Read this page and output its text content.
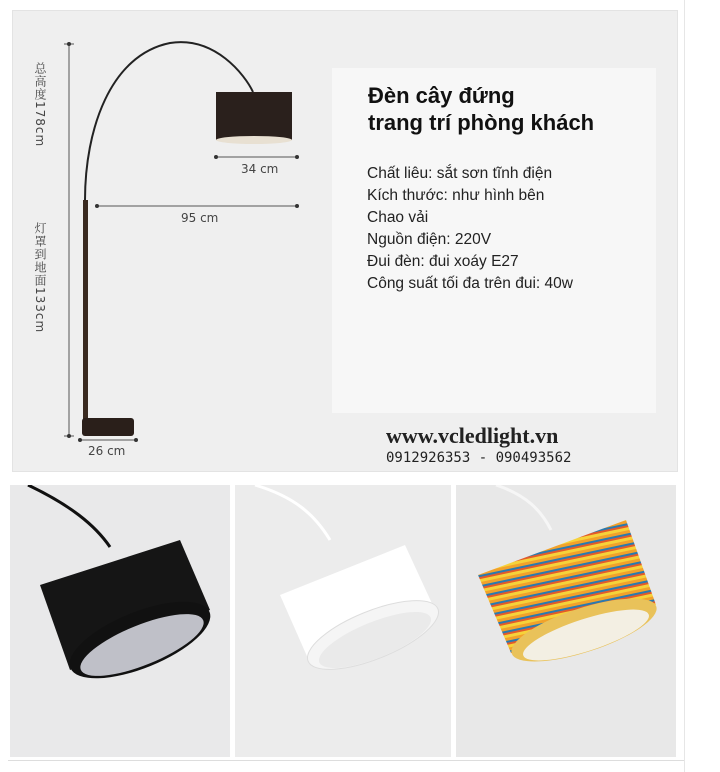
总高度178cm
灯罩到地面133cm
34 cm
95 cm
26 cm
Đèn cây đứng
trang trí phòng khách
Chất liêu: sắt sơn tĩnh điện
Kích thước: như hình bên
Chao vải
Nguồn điện: 220V
Đui đèn: đui xoáy E27
Công suất tối đa trên đui: 40w
www.vcledlight.vn
0912926353 - 090493562
